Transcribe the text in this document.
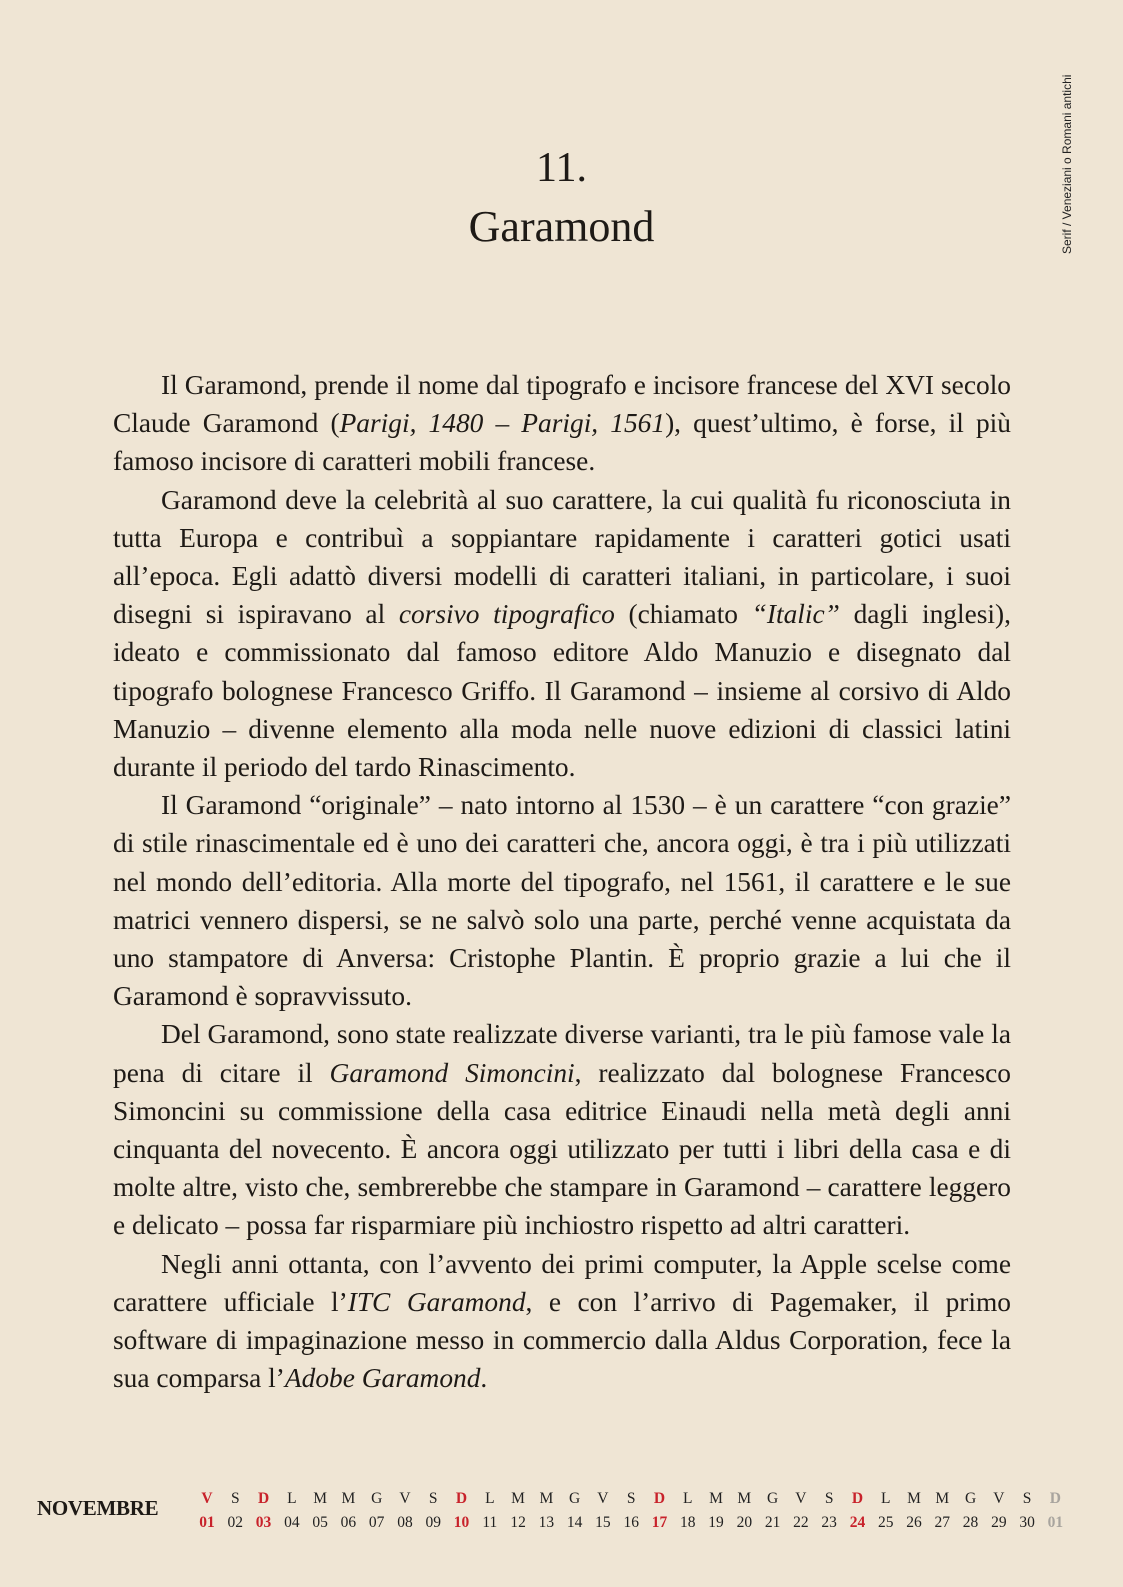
Serif / Veneziani o Romani antichi
11.
Garamond

Il Garamond, prende il nome dal tipografo e incisore francese del XVI secolo Claude Garamond (Parigi, 1480 – Parigi, 1561), quest’ultimo, è forse, il più famoso incisore di caratteri mobili francese.

Garamond deve la celebrità al suo carattere, la cui qualità fu riconosciuta in tutta Europa e contribuì a soppiantare rapidamente i caratteri gotici usati all’epoca. Egli adattò diversi modelli di caratteri italiani, in particolare, i suoi disegni si ispiravano al corsivo tipografico (chiamato “Italic” dagli inglesi), ideato e commissionato dal famoso editore Aldo Manuzio e disegnato dal tipografo bolognese Francesco Griffo. Il Garamond – insieme al corsivo di Aldo Manuzio – divenne elemento alla moda nelle nuove edizioni di classici latini durante il periodo del tardo Rinascimento.

Il Garamond “originale” – nato intorno al 1530 – è un carattere “con grazie” di stile rinascimentale ed è uno dei caratteri che, ancora oggi, è tra i più utilizzati nel mondo dell’editoria. Alla morte del tipografo, nel 1561, il carattere e le sue matrici vennero dispersi, se ne salvò solo una parte, perché venne acquistata da uno stampatore di Anversa: Cristophe Plantin. È proprio grazie a lui che il Garamond è sopravvissuto.

Del Garamond, sono state realizzate diverse varianti, tra le più famose vale la pena di citare il Garamond Simoncini, realizzato dal bolognese Francesco Simoncini su commissione della casa editrice Einaudi nella metà degli anni cinquanta del novecento. È ancora oggi utilizzato per tutti i libri della casa e di molte altre, visto che, sembrerebbe che stampare in Garamond – carattere leggero e delicato – possa far risparmiare più inchiostro rispetto ad altri caratteri.

Negli anni ottanta, con l’avvento dei primi computer, la Apple scelse come carattere ufficiale l’ITC Garamond, e con l’arrivo di Pagemaker, il primo software di impaginazione messo in commercio dalla Aldus Corporation, fece la sua comparsa l’Adobe Garamond.

NOVEMBRE	V
01
S
02
D
03
L
04
M
05
M
06
G
07
V
08
S
09
D
10
L
11
M
12
M
13
G
14
V
15
S
16
D
17
L
18
M
19
M
20
G
21
V
22
S
23
D
24
L
25
M
26
M
27
G
28
V
29
S
30
D
01
